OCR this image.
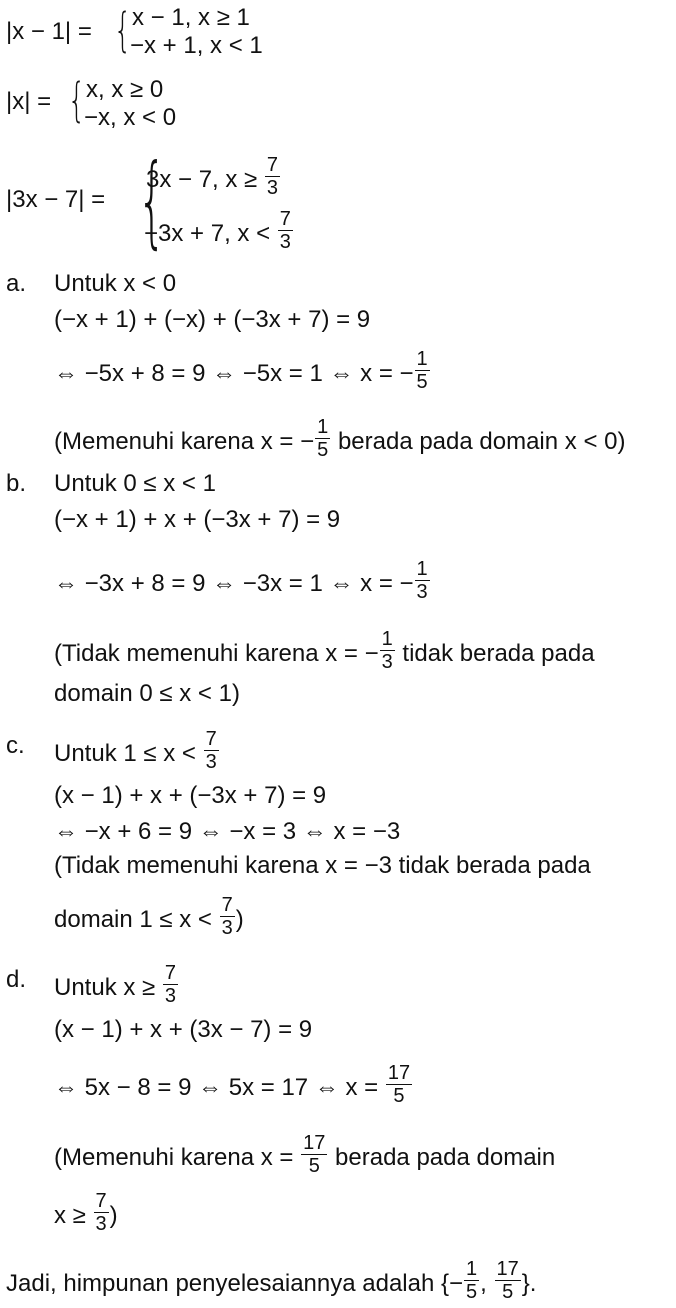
|x − 1| = { x − 1, x ≥ 1
−x + 1, x < 1
|x| = { x, x ≥ 0
−x, x < 0
|3x − 7| = {
3x − 7, $x \ge \frac{7}{3}$
−3x + 7, $x < \frac{7}{3}$
a. Untuk x < 0
(−x + 1) + (−x) + (−3x + 7) = 9
⇔ −5x + 8 = 9 ⇔ −5x = 1 ⇔ x = − $\frac{1}{5}$
(Memenuhi karena x = − $\frac{1}{5}$ berada pada domain x < 0)
b. Untuk 0 ≤ x < 1
(−x + 1) + x + (−3x + 7) = 9
⇔ −3x + 8 = 9 ⇔ −3x = 1 ⇔ x = − $\frac{1}{3}$
(Tidak memenuhi karena x = − $\frac{1}{3}$ tidak berada pada
domain 0 ≤ x < 1)
c. Untuk $1 \le x < \frac{7}{3}$
(x − 1) + x + (−3x + 7) = 9
⇔ −x + 6 = 9 ⇔ −x = 3 ⇔ x = −3
(Tidak memenuhi karena x = −3 tidak berada pada
domain $1 \le x < \frac{7}{3}$ )
d. Untuk $x \ge \frac{7}{3}$
(x − 1) + x + (3x − 7) = 9
⇔ 5x − 8 = 9 ⇔ 5x = 17 ⇔ $x = \frac{17}{5}$
(Memenuhi karena $x = \frac{17}{5}$ berada pada domain
$x \ge \frac{7}{3}$ )
Jadi, himpunan penyelesaiannya adalah {− $\frac{1}{5}$ , $\frac{17}{5}$ }.
